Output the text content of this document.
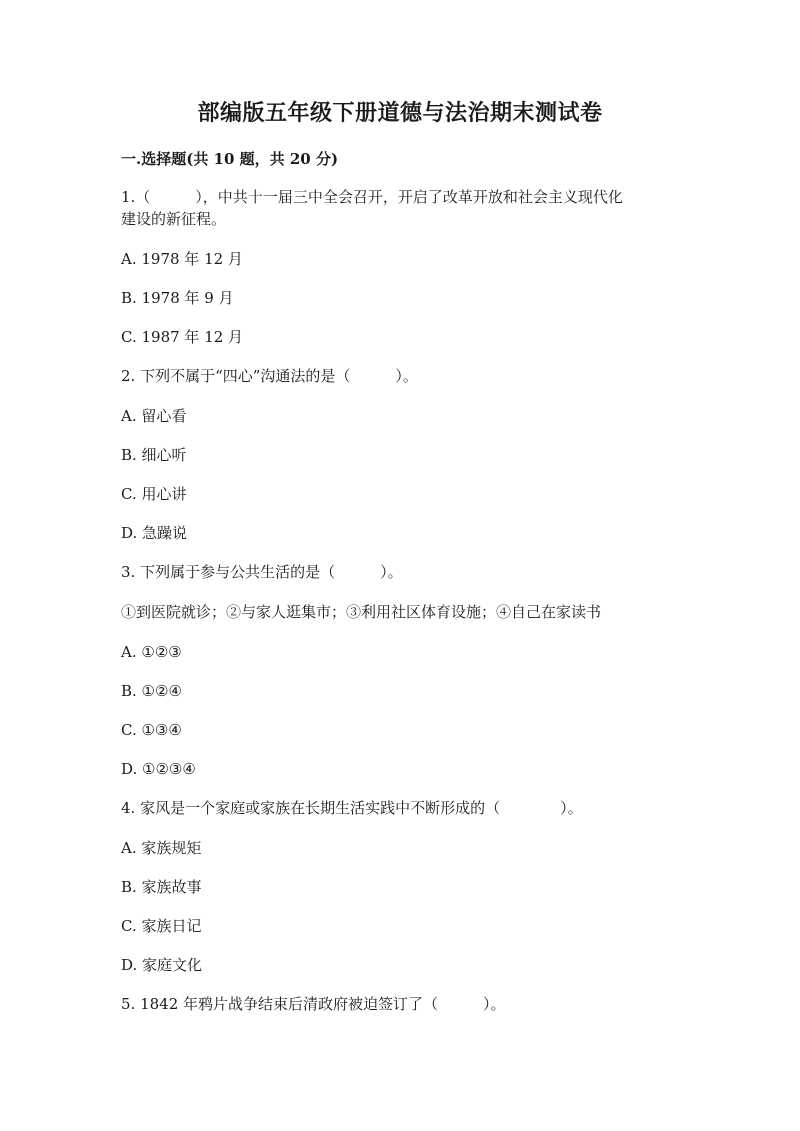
部编版五年级下册道德与法治期末测试卷
一.选择题(共 10 题，共 20 分)

1.（　　　），中共十一届三中全会召开，开启了改革开放和社会主义现代化

建设的新征程。

A. 1978 年 12 月

B. 1978 年 9 月

C. 1987 年 12 月

2. 下列不属于“四心”沟通法的是（　　　）。

A. 留心看

B. 细心听

C. 用心讲

D. 急躁说

3. 下列属于参与公共生活的是（　　　）。

①到医院就诊；②与家人逛集市；③利用社区体育设施；④自己在家读书

A. ①②③

B. ①②④

C. ①③④

D. ①②③④

4. 家风是一个家庭或家族在长期生活实践中不断形成的（　　　　）。

A. 家族规矩

B. 家族故事

C. 家族日记

D. 家庭文化

5. 1842 年鸦片战争结束后清政府被迫签订了（　　　）。
